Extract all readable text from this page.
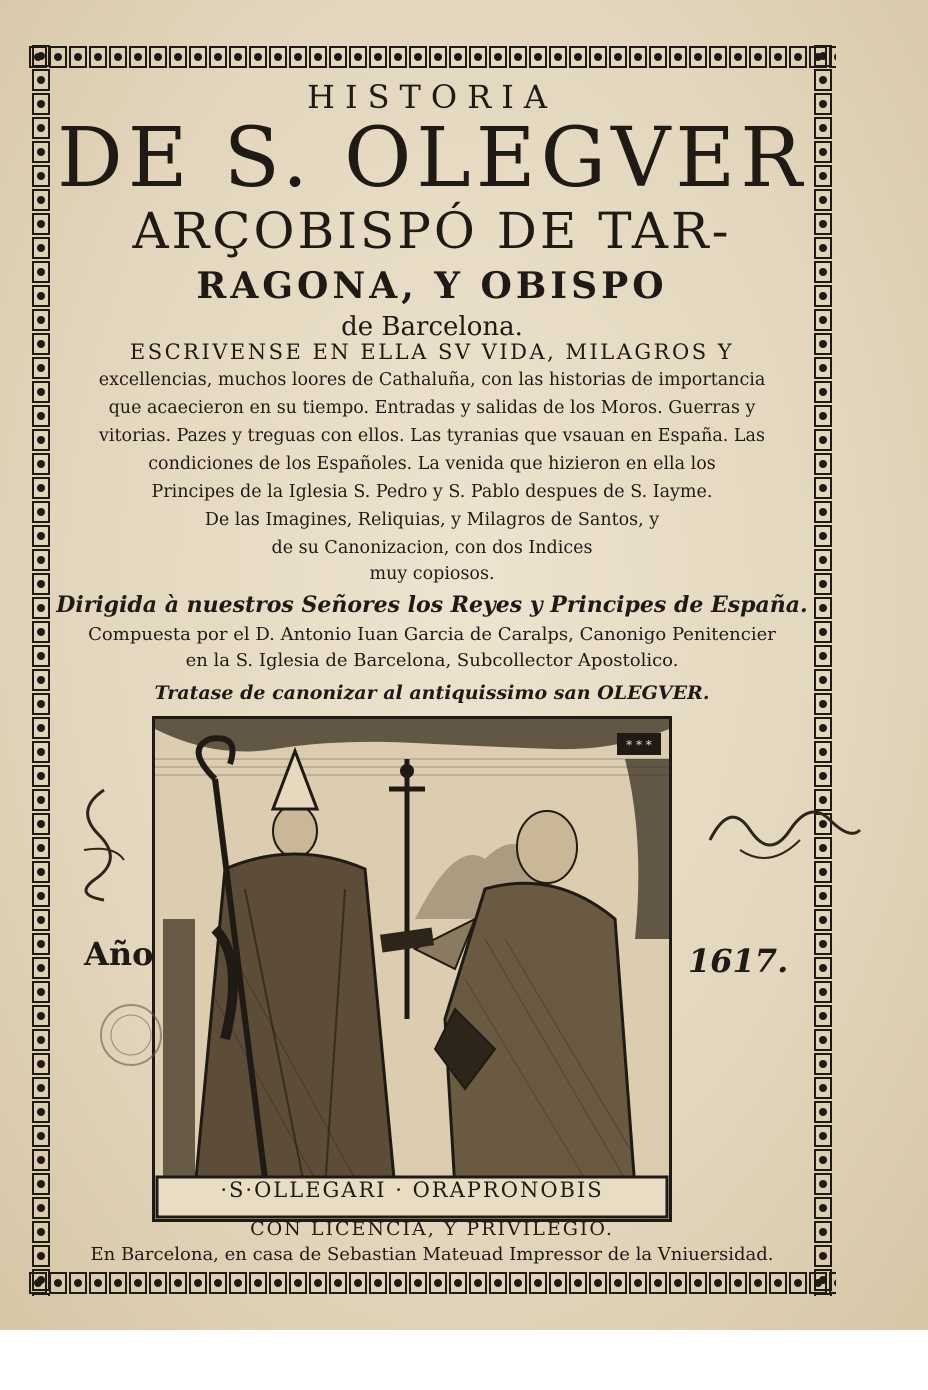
HISTORIA
DE S. OLEGVER
ARÇOBISPÓ DE TAR-
RAGONA, Y OBISPO
de Barcelona.
ESCRIVENSE EN ELLA SV VIDA, MILAGROS Y
excellencias, muchos loores de Cathaluña, con las historias de importancia
que acaecieron en su tiempo. Entradas y salidas de los Moros. Guerras y
vitorias. Pazes y treguas con ellos. Las tyranias que vsauan en España. Las
condiciones de los Españoles. La venida que hizieron en ella los
Principes de la Iglesia S. Pedro y S. Pablo despues de S. Iayme.
De las Imagines, Reliquias, y Milagros de Santos, y
de su Canonizacion, con dos Indices
muy copiosos.
Dirigida à nuestros Señores los Reyes y Principes de España.
Compuesta por el D. Antonio Iuan Garcia de Caralps, Canonigo Penitencier
en la S. Iglesia de Barcelona, Subcollector Apostolico.
Tratase de canonizar al antiquissimo san OLEGVER.
* * *
·S·OLLEGARI · ORAPRONOBIS
Año	1617.
CON LICENCIA, Y PRIVILEGIO.
En Barcelona, en casa de Sebastian Mateuad Impressor de la Vniuersidad.
